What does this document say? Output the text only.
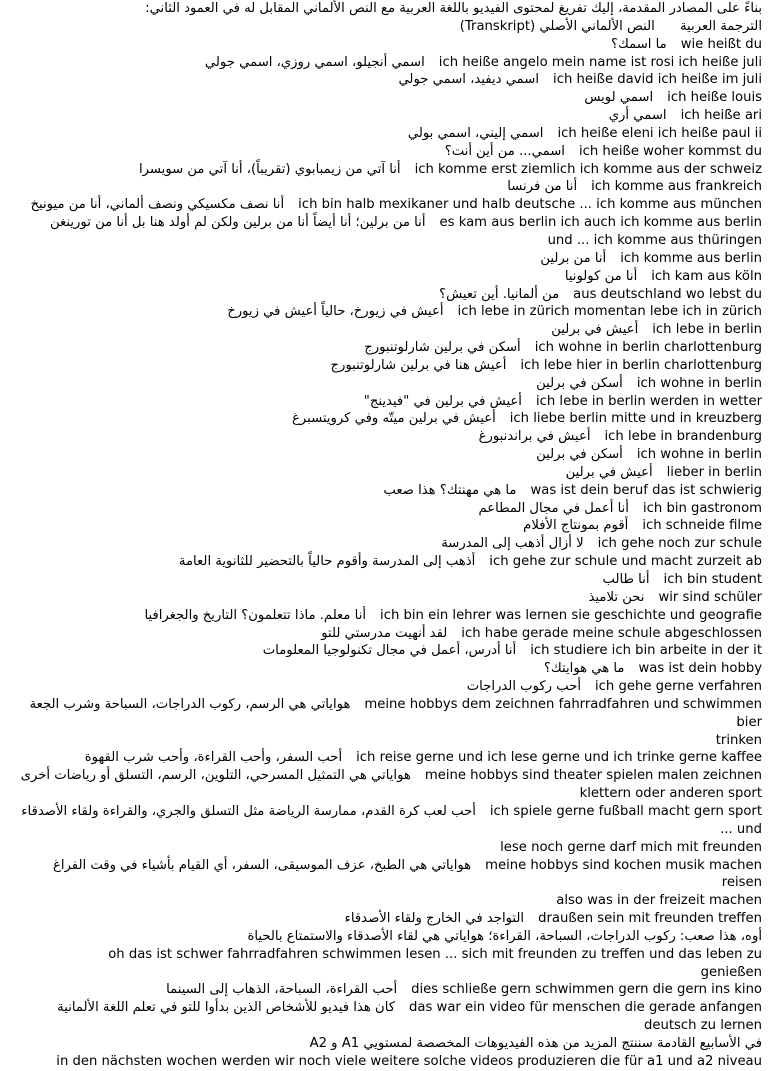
بناءً على المصادر المقدمة، إليك تفريغ لمحتوى الفيديو باللغة العربية مع النص الألماني المقابل له في العمود الثاني:
الترجمة العربية      النص الألماني الأصلي (Transkript)
ما اسمك؟ wie heißt du
اسمي أنجيلو، اسمي روزي، اسمي جولي ich heiße angelo mein name ist rosi ich heiße juli
اسمي ديفيد، اسمي جولي ich heiße david ich heiße im juli
اسمي لويس ich heiße louis
اسمي أري ich heiße ari
اسمي إليني، اسمي بولي ich heiße eleni ich heiße paul ii
اسمي... من أين أنت؟ ich heiße woher kommst du
أنا آتي من زيمبابوي (تقريباً)، أنا آتي من سويسرا ich komme erst ziemlich ich komme aus der schweiz
أنا من فرنسا ich komme aus frankreich
أنا نصف مكسيكي ونصف ألماني، أنا من ميونيخ ich bin halb mexikaner und halb deutsche ... ich komme aus münchen
أنا من برلين؛ أنا أيضاً أنا من برلين ولكن لم أولد هنا بل أنا من تورينغن es kam aus berlin ich auch ich komme aus berlin
und ... ich komme aus thüringen
أنا من برلين ich komme aus berlin
أنا من كولونيا ich kam aus köln
من ألمانيا. أين تعيش؟ aus deutschland wo lebst du
أعيش في زيورخ، حالياً أعيش في زيورخ ich lebe in zürich momentan lebe ich in zürich
أعيش في برلين ich lebe in berlin
أسكن في برلين شارلوتنبورج ich wohne in berlin charlottenburg
أعيش هنا في برلين شارلوتنبورج ich lebe hier in berlin charlottenburg
أسكن في برلين ich wohne in berlin
أعيش في برلين في "فيدينج" ich lebe in berlin werden in wetter
أعيش في برلين ميتّه وفي كرويتسبرغ ich liebe berlin mitte und in kreuzberg
أعيش في براندنبورغ ich lebe in brandenburg
أسكن في برلين ich wohne in berlin
أعيش في برلين lieber in berlin
ما هي مهنتك؟ هذا صعب was ist dein beruf das ist schwierig
أنا أعمل في مجال المطاعم ich bin gastronom
أقوم بمونتاج الأفلام ich schneide filme
لا أزال أذهب إلى المدرسة ich gehe noch zur schule
أذهب إلى المدرسة وأقوم حالياً بالتحضير للثانوية العامة ich gehe zur schule und macht zurzeit ab
أنا طالب ich bin student
نحن تلاميذ wir sind schüler
أنا معلم. ماذا تتعلمون؟ التاريخ والجغرافيا ich bin ein lehrer was lernen sie geschichte und geografie
لقد أنهيت مدرستي للتو ich habe gerade meine schule abgeschlossen
أنا أدرس، أعمل في مجال تكنولوجيا المعلومات ich studiere ich bin arbeite in der it
ما هي هوايتك؟ was ist dein hobby
أحب ركوب الدراجات ich gehe gerne verfahren
هواياتي هي الرسم، ركوب الدراجات، السباحة وشرب الجعة meine hobbys dem zeichnen fahrradfahren und schwimmen bier
trinken
أحب السفر، وأحب القراءة، وأحب شرب القهوة ich reise gerne und ich lese gerne und ich trinke gerne kaffee
هواياتي هي التمثيل المسرحي، التلوين، الرسم، التسلق أو رياضات أخرى meine hobbys sind theater spielen malen zeichnen
klettern oder anderen sport
أحب لعب كرة القدم، ممارسة الرياضة مثل التسلق والجري، والقراءة ولقاء الأصدقاء ich spiele gerne fußball macht gern sport ... und
lese noch gerne darf mich mit freunden
هواياتي هي الطبخ، عزف الموسيقى، السفر، أي القيام بأشياء في وقت الفراغ meine hobbys sind kochen musik machen reisen
also was in der freizeit machen
التواجد في الخارج ولقاء الأصدقاء draußen sein mit freunden treffen
أوه، هذا صعب: ركوب الدراجات، السباحة، القراءة؛ هواياتي هي لقاء الأصدقاء والاستمتاع بالحياة
oh das ist schwer fahrradfahren schwimmen lesen ... sich mit freunden zu treffen und das leben zu
genießen
أحب القراءة، السباحة، الذهاب إلى السينما dies schließe gern schwimmen gern die gern ins kino
كان هذا فيديو للأشخاص الذين بدأوا للتو في تعلم اللغة الألمانية das war ein video für menschen die gerade anfangen
deutsch zu lernen
في الأسابيع القادمة سننتج المزيد من هذه الفيديوهات المخصصة لمستويي A1 و A2
in den nächsten wochen werden wir noch viele weitere solche videos produzieren die für a1 und a2 niveau
